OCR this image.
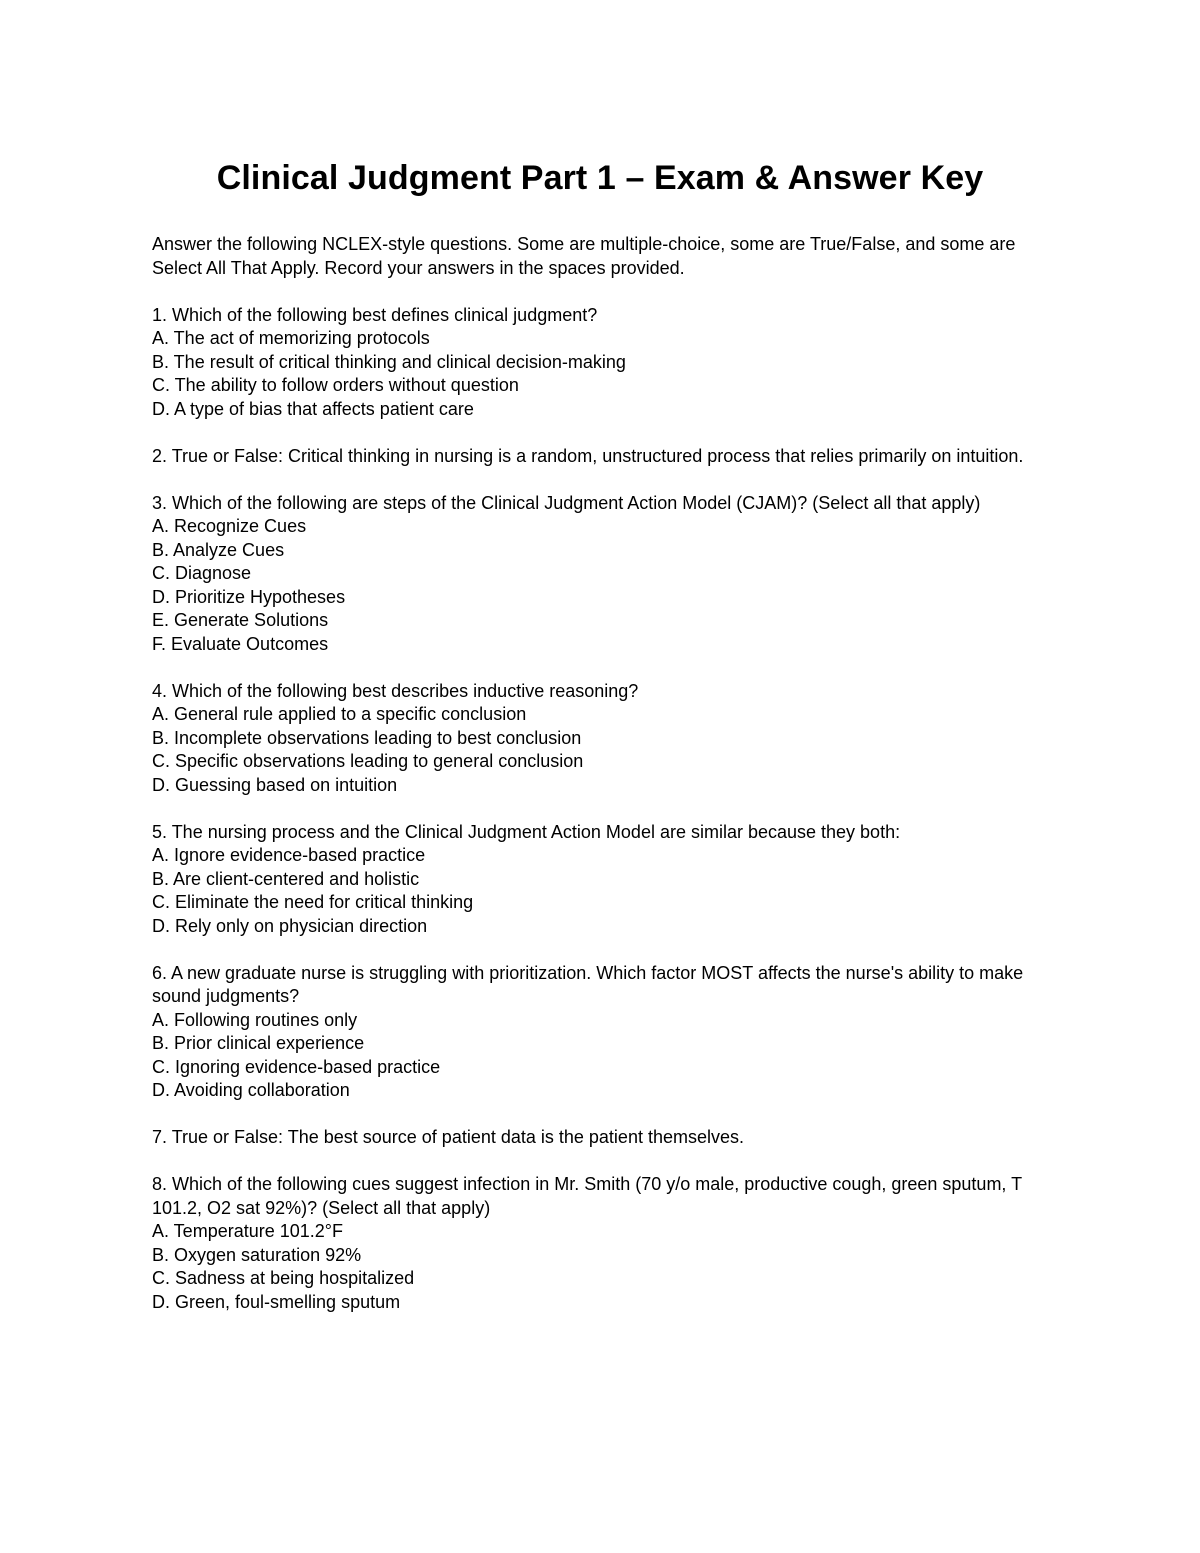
Clinical Judgment Part 1 – Exam & Answer Key

Answer the following NCLEX-style questions. Some are multiple-choice, some are True/False, and some are Select All That Apply. Record your answers in the spaces provided.

1. Which of the following best defines clinical judgment?

A. The act of memorizing protocols
B. The result of critical thinking and clinical decision-making
C. The ability to follow orders without question
D. A type of bias that affects patient care

2. True or False: Critical thinking in nursing is a random, unstructured process that relies primarily on intuition.

3. Which of the following are steps of the Clinical Judgment Action Model (CJAM)? (Select all that apply)

A. Recognize Cues
B. Analyze Cues
C. Diagnose
D. Prioritize Hypotheses
E. Generate Solutions
F. Evaluate Outcomes

4. Which of the following best describes inductive reasoning?

A. General rule applied to a specific conclusion
B. Incomplete observations leading to best conclusion
C. Specific observations leading to general conclusion
D. Guessing based on intuition

5. The nursing process and the Clinical Judgment Action Model are similar because they both:

A. Ignore evidence-based practice
B. Are client-centered and holistic
C. Eliminate the need for critical thinking
D. Rely only on physician direction

6. A new graduate nurse is struggling with prioritization. Which factor MOST affects the nurse's ability to make sound judgments?

A. Following routines only
B. Prior clinical experience
C. Ignoring evidence-based practice
D. Avoiding collaboration

7. True or False: The best source of patient data is the patient themselves.

8. Which of the following cues suggest infection in Mr. Smith (70 y/o male, productive cough, green sputum, T 101.2, O2 sat 92%)? (Select all that apply)

A. Temperature 101.2°F
B. Oxygen saturation 92%
C. Sadness at being hospitalized
D. Green, foul-smelling sputum
